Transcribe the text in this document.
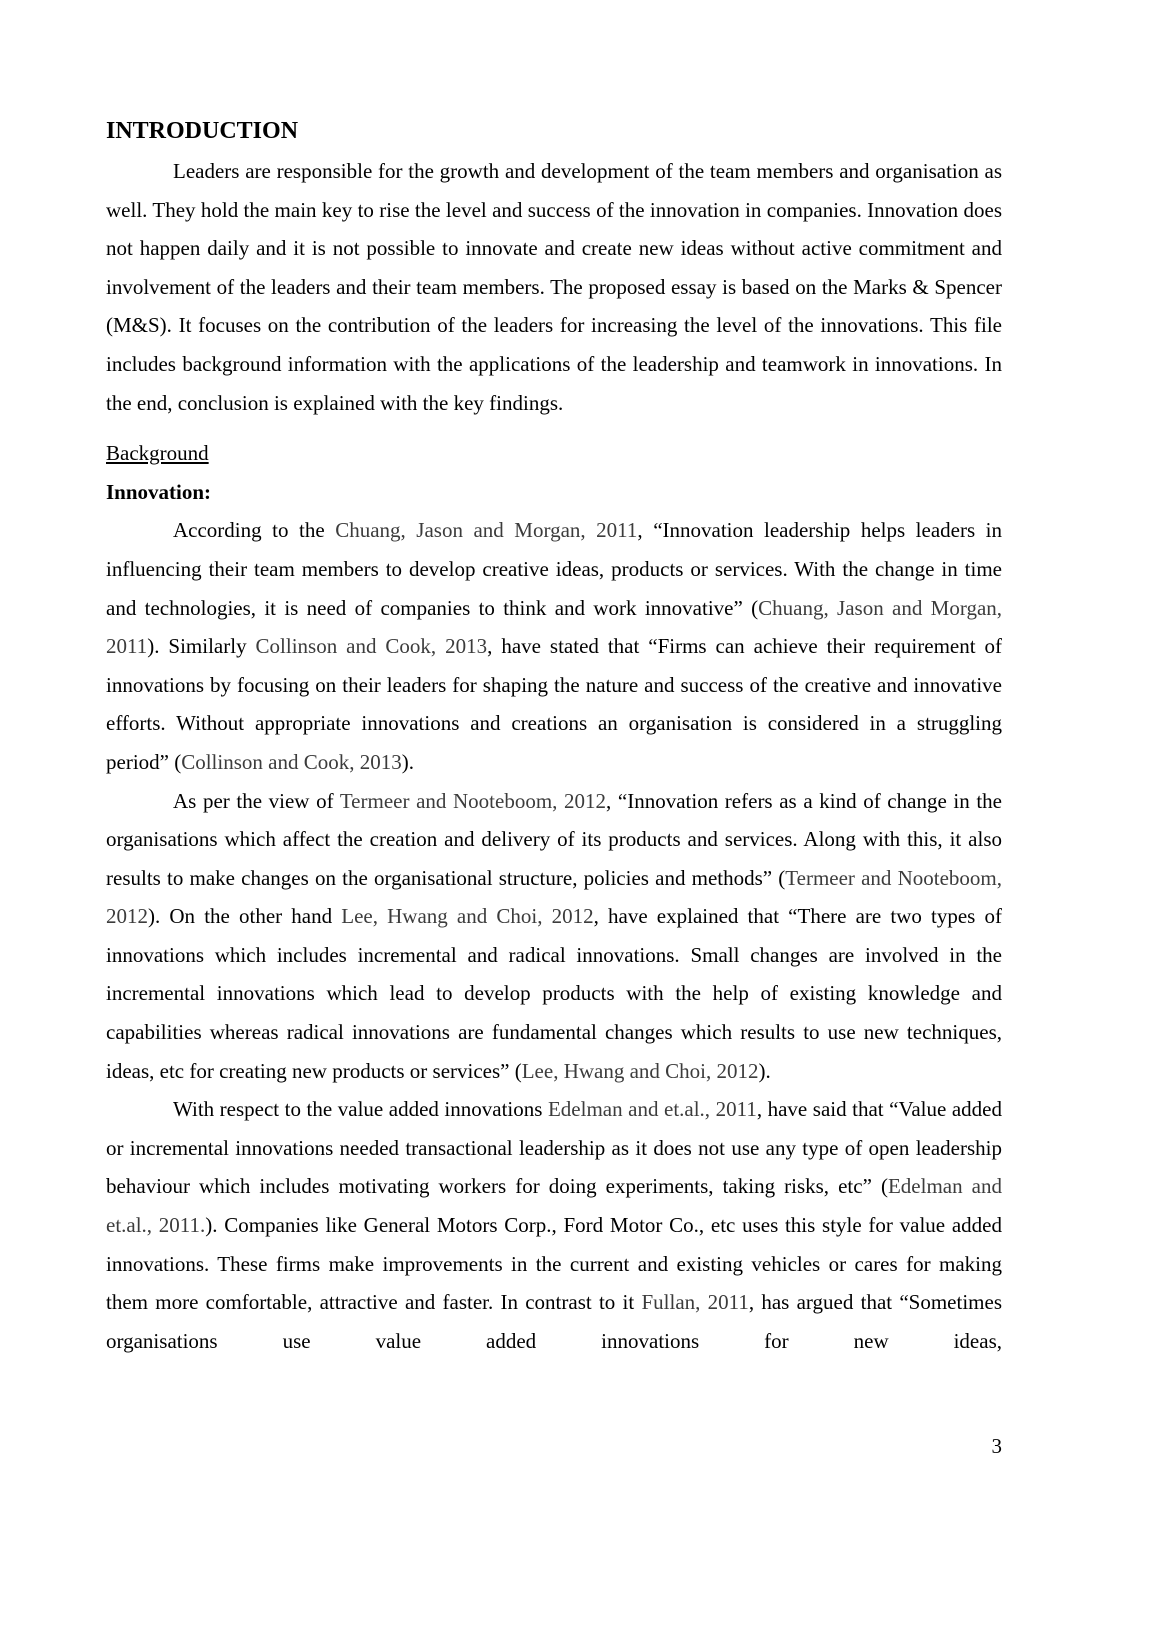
INTRODUCTION

Leaders are responsible for the growth and development of the team members and organisation as well. They hold the main key to rise the level and success of the innovation in companies. Innovation does not happen daily and it is not possible to innovate and create new ideas without active commitment and involvement of the leaders and their team members. The proposed essay is based on the Marks & Spencer (M&S). It focuses on the contribution of the leaders for increasing the level of the innovations. This file includes background information with the applications of the leadership and teamwork in innovations. In the end, conclusion is explained with the key findings.

Background
Innovation:

According to the Chuang, Jason and Morgan, 2011, “Innovation leadership helps leaders in influencing their team members to develop creative ideas, products or services. With the change in time and technologies, it is need of companies to think and work innovative” (Chuang, Jason and Morgan, 2011). Similarly Collinson and Cook, 2013, have stated that “Firms can achieve their requirement of innovations by focusing on their leaders for shaping the nature and success of the creative and innovative efforts. Without appropriate innovations and creations an organisation is considered in a struggling period” (Collinson and Cook, 2013).

As per the view of Termeer and Nooteboom, 2012, “Innovation refers as a kind of change in the organisations which affect the creation and delivery of its products and services. Along with this, it also results to make changes on the organisational structure, policies and methods” (Termeer and Nooteboom, 2012). On the other hand Lee, Hwang and Choi, 2012, have explained that “There are two types of innovations which includes incremental and radical innovations. Small changes are involved in the incremental innovations which lead to develop products with the help of existing knowledge and capabilities whereas radical innovations are fundamental changes which results to use new techniques, ideas, etc for creating new products or services” (Lee, Hwang and Choi, 2012).

With respect to the value added innovations Edelman and et.al., 2011, have said that “Value added or incremental innovations needed transactional leadership as it does not use any type of open leadership behaviour which includes motivating workers for doing experiments, taking risks, etc” (Edelman and et.al., 2011.). Companies like General Motors Corp., Ford Motor Co., etc uses this style for value added innovations. These firms make improvements in the current and existing vehicles or cares for making them more comfortable, attractive and faster. In contrast to it Fullan, 2011, has argued that “Sometimes organisations use value added innovations for new ideas,

3
